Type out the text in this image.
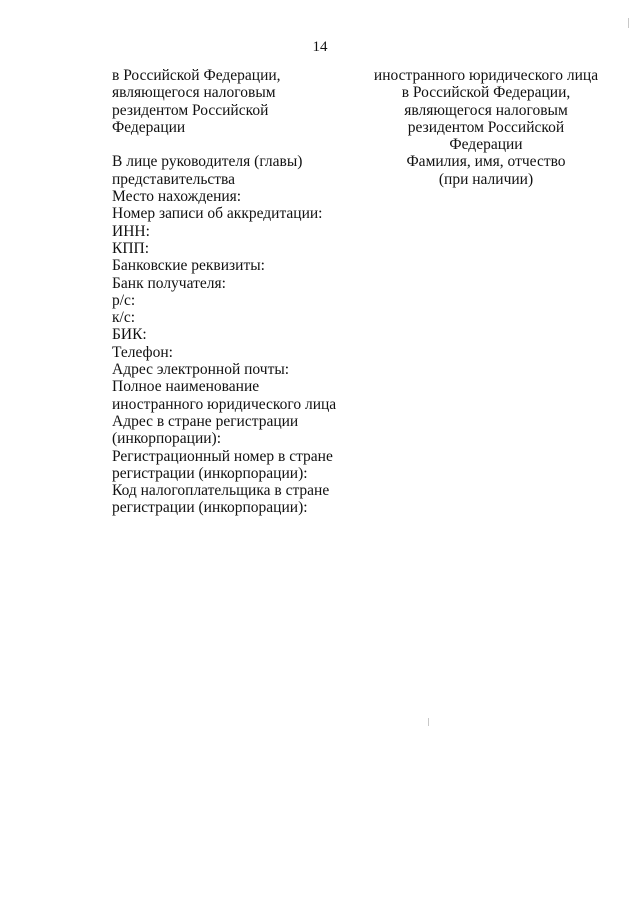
14
в Российской Федерации,
являющегося налоговым
резидентом Российской
Федерации
В лице руководителя (главы)
представительства
Место нахождения:
Номер записи об аккредитации:
ИНН:
КПП:
Банковские реквизиты:
Банк получателя:
р/с:
к/с:
БИК:
Телефон:
Адрес электронной почты:
Полное наименование
иностранного юридического лица
Адрес в стране регистрации
(инкорпорации):
Регистрационный номер в стране
регистрации (инкорпорации):
Код налогоплательщика в стране
регистрации (инкорпорации):
иностранного юридического лица
в Российской Федерации,
являющегося налоговым
резидентом Российской
Федерации
Фамилия, имя, отчество
(при наличии)
